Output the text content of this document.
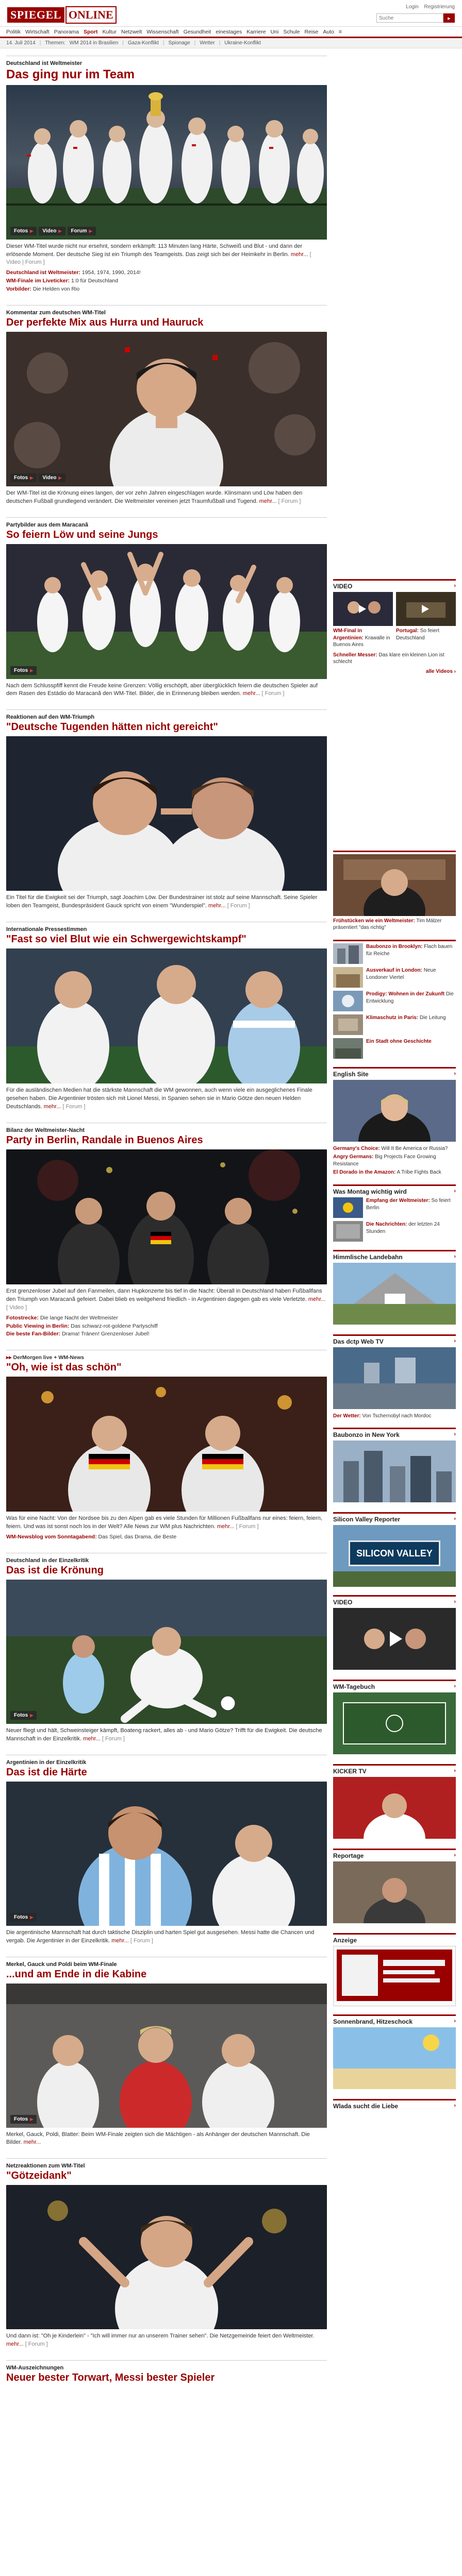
SPIEGEL ONLINE
Login Registrierung
Suche
▸
Politik Wirtschaft Panorama Sport Kultur Netzwelt Wissenschaft Gesundheit einestages Karriere Uni Schule Reise Auto ≡
14. Juli 2014 | Themen: WM 2014 in Brasilien | Gaza-Konflikt | Spionage | Wetter | Ukraine-Konflikt
Deutschland ist Weltmeister
Das ging nur im Team
Fotos ▶ Video ▶ Forum ▶
Dieser WM-Titel wurde nicht nur ersehnt, sondern erkämpft: 113 Minuten lang Härte, Schweiß und Blut - und dann der erlösende Moment. Der deutsche Sieg ist ein Triumph des Teamgeists. Das zeigt sich bei der Heimkehr in Berlin. mehr... [ Video | Forum ]
Deutschland ist Weltmeister: 1954, 1974, 1990, 2014!
WM-Finale im Liveticker: 1:0 für Deutschland
Vorbilder: Die Helden von Rio
Kommentar zum deutschen WM-Titel
Der perfekte Mix aus Hurra und Hauruck
Fotos ▶ Video ▶
Der WM-Titel ist die Krönung eines langen, der vor zehn Jahren eingeschlagen wurde. Klinsmann und Löw haben den deutschen Fußball grundlegend verändert. Die Weltmeister vereinen jetzt Traumfußball und Tugend. mehr... [ Forum ]
Partybilder aus dem Maracanã
So feiern Löw und seine Jungs
Fotos ▶
Nach dem Schlusspfiff kennt die Freude keine Grenzen: Völlig erschöpft, aber überglücklich feiern die deutschen Spieler auf dem Rasen des Estádio do Maracanã den WM-Titel. Bilder, die in Erinnerung bleiben werden. mehr... [ Forum ]
Reaktionen auf den WM-Triumph
"Deutsche Tugenden hätten nicht gereicht"
Ein Titel für die Ewigkeit sei der Triumph, sagt Joachim Löw. Der Bundestrainer ist stolz auf seine Mannschaft. Seine Spieler loben den Teamgeist, Bundespräsident Gauck spricht von einem "Wunderspiel". mehr... [ Forum ]
Internationale Pressestimmen
"Fast so viel Blut wie ein Schwergewichtskampf"
Für die ausländischen Medien hat die stärkste Mannschaft die WM gewonnen, auch wenn viele ein ausgeglichenes Finale gesehen haben. Die Argentinier trösten sich mit Lionel Messi, in Spanien sehen sie in Mario Götze den neuen Helden Deutschlands. mehr... [ Forum ]
Bilanz der Weltmeister-Nacht
Party in Berlin, Randale in Buenos Aires
Erst grenzenloser Jubel auf den Fanmeilen, dann Hupkonzerte bis tief in die Nacht: Überall in Deutschland haben Fußballfans den Triumph von Maracanã gefeiert. Dabei blieb es weitgehend friedlich - in Argentinien dagegen gab es viele Verletzte. mehr... [ Video ]
Fotostrecke: Die lange Nacht der Weltmeister
Public Viewing in Berlin: Das schwarz-rot-goldene Partyschiff
Die beste Fan-Bilder: Drama! Tränen! Grenzenloser Jubel!
▸▸ DerMorgen live + WM-News
"Oh, wie ist das schön"
Was für eine Nacht: Von der Nordsee bis zu den Alpen gab es viele Stunden für Millionen Fußballfans nur eines: feiern, feiern, feiern. Und was ist sonst noch los in der Welt? Alle News zur WM plus Nachrichten. mehr... [ Forum ]
WM-Newsblog vom Sonntagabend: Das Spiel, das Drama, die Beste
Deutschland in der Einzelkritik
Das ist die Krönung
Fotos ▶
Neuer fliegt und hält, Schweinsteiger kämpft, Boateng rackert, alles ab - und Mario Götze? Trifft für die Ewigkeit. Die deutsche Mannschaft in der Einzelkritik. mehr... [ Forum ]
Argentinien in der Einzelkritik
Das ist die Härte
Fotos ▶
Die argentinische Mannschaft hat durch taktische Disziplin und harten Spiel gut ausgesehen. Messi hatte die Chancen und vergab. Die Argentinier in der Einzelkritik. mehr... [ Forum ]
Merkel, Gauck und Poldi beim WM-Finale
...und am Ende in die Kabine
Fotos ▶
Merkel, Gauck, Poldi, Blatter: Beim WM-Finale zeigten sich die Mächtigen - als Anhänger der deutschen Mannschaft. Die Bilder. mehr...
Netzreaktionen zum WM-Titel
"Götzeidank"
Und dann ist: "Oh je Kinderlein" - "Ich will immer nur an unserem Trainer sehen". Die Netzgemeinde feiert den Weltmeister. mehr... [ Forum ]
WM-Auszeichnungen
Neuer bester Torwart, Messi bester Spieler
VIDEO	›
WM-Final in Argentinien: Krawalle in Buenos Aires
Portugal: So feiert Deutschland
Schneller Messer: Das klare ein kleinen Lion ist schlecht
alle Videos ›
Frühstücken wie ein Weltmeister: Tim Mälzer präsentiert "das richtig"
Baubonzo in Brooklyn: Flach bauen für Reiche
Ausverkauf in London: Neue Londoner Viertel
Prodigy: Wohnen in der Zukunft Die Entwicklung
Klimaschutz in Paris: Die Leitung
Ein Stadt ohne Geschichte
English Site	›
Germany's Choice: Will It Be America or Russia?
Angry Germans: Big Projects Face Growing Resistance
El Dorado in the Amazon: A Tribe Fights Back
Was Montag wichtig wird	›
Empfang der Weltmeister: So feiert Berlin
Die Nachrichten: der letzten 24 Stunden
Himmlische Landebahn	›
Das dctp Web TV	›
Der Wetter: Von Tschernobyl nach Mordoc
Baubonzo in New York	›
Silicon Valley Reporter	›
SILICON VALLEY
VIDEO	›
WM-Tagebuch	›
KICKER TV	›
Reportage	›
Anzeige
Sonnenbrand, Hitzeschock	›
Wlada sucht die Liebe	›
